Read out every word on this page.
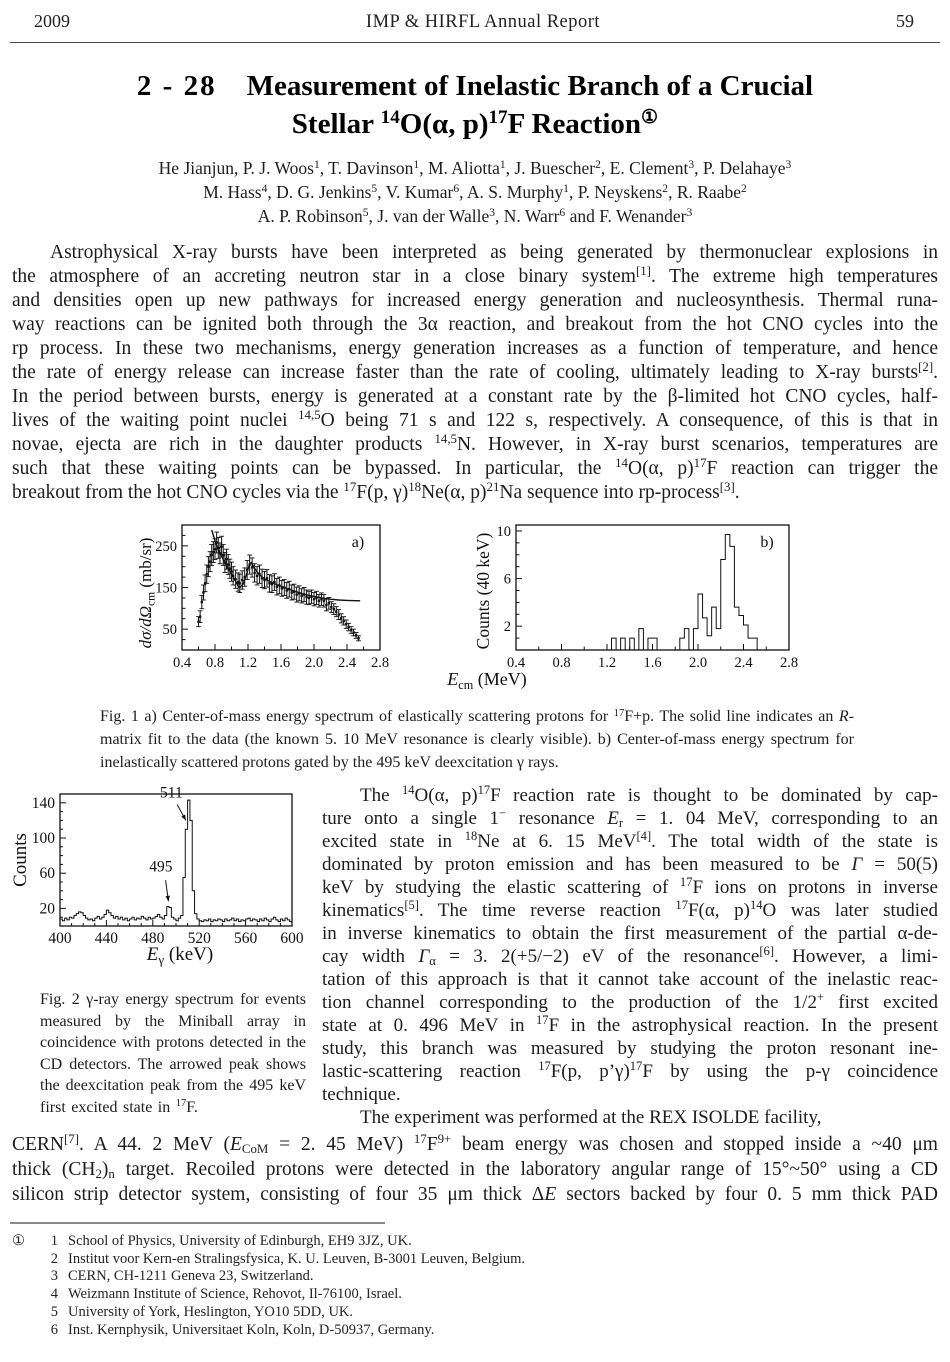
2009	IMP & HIRFL Annual Report	59
2 - 28 Measurement of Inelastic Branch of a Crucial
Stellar $^{14}$O(α, p)$^{17}$F Reaction①
He Jianjun, P. J. Woos$^1$, T. Davinson$^1$, M. Aliotta$^1$, J. Buescher$^2$, E. Clement$^3$, P. Delahaye$^3$
M. Hass$^4$, D. G. Jenkins$^5$, V. Kumar$^6$, A. S. Murphy$^1$, P. Neyskens$^2$, R. Raabe$^2$
A. P. Robinson$^5$, J. van der Walle$^3$, N. Warr$^6$ and F. Wenander$^3$
Astrophysical X-ray bursts have been interpreted as being generated by thermonuclear explosions in
the atmosphere of an accreting neutron star in a close binary system[1]. The extreme high temperatures
and densities open up new pathways for increased energy generation and nucleosynthesis. Thermal runa-
way reactions can be ignited both through the 3α reaction, and breakout from the hot CNO cycles into the
rp process. In these two mechanisms, energy generation increases as a function of temperature, and hence
the rate of energy release can increase faster than the rate of cooling, ultimately leading to X-ray bursts[2].
In the period between bursts, energy is generated at a constant rate by the β-limited hot CNO cycles, half-
lives of the waiting point nuclei $^{14,5}$O being 71 s and 122 s, respectively. A consequence, of this is that in
novae, ejecta are rich in the daughter products $^{14,5}$N. However, in X-ray burst scenarios, temperatures are
such that these waiting points can be bypassed. In particular, the $^{14}$O(α, p)$^{17}$F reaction can trigger the
breakout from the hot CNO cycles via the $^{17}$F(p, γ)$^{18}$Ne(α, p)$^{21}$Na sequence into rp-process[3].
0.4 0.8 1.2 1.6 2.0 2.4 2.8
50
150
250	a)
0.4 0.8 1.2 1.6 2.0 2.4 2.8
2
6
10
b)
$d\sigma/d\Omega_{cm}$ (mb/sr)	Counts (40 keV)
$E_{cm}$ (MeV)
Fig. 1 a) Center-of-mass energy spectrum of elastically scattering protons for $^{17}$F+p. The solid line indicates an R-matrix fit to the data (the known 5. 10 MeV resonance is clearly visible). b) Center-of-mass energy spectrum for inelastically scattered protons gated by the 495 keV deexcitation γ rays.
400 440 480 520 560 600
20
60
100
140
511
495
Counts
$E_\gamma$ (keV)
Fig. 2 γ-ray energy spectrum for events measured by the Miniball array in coincidence with protons detected in the CD detectors. The arrowed peak shows the deexcitation peak from the 495 keV first excited state in $^{17}$F.
The $^{14}$O(α, p)$^{17}$F reaction rate is thought to be dominated by cap-
ture onto a single 1− resonance $E_r = 1$. 04 MeV, corresponding to an
excited state in $^{18}$Ne at 6. 15 MeV[4]. The total width of the state is
dominated by proton emission and has been measured to be Γ = 50(5)
keV by studying the elastic scattering of $^{17}$F ions on protons in inverse
kinematics[5]. The time reverse reaction $^{17}$F(α, p)$^{14}$O was later studied
in inverse kinematics to obtain the first measurement of the partial α-de-
cay width $\Gamma_\alpha = 3$. 2(+5/−2) eV of the resonance[6]. However, a limi-
tation of this approach is that it cannot take account of the inelastic reac-
tion channel corresponding to the production of the 1/2+ first excited
state at 0. 496 MeV in $^{17}$F in the astrophysical reaction. In the present
study, this branch was measured by studying the proton resonant ine-
lastic-scattering reaction $^{17}$F(p, p’γ)$^{17}$F by using the p-γ coincidence
technique.
The experiment was performed at the REX ISOLDE facility,
CERN[7]. A 44. 2 MeV ($E_{CoM} = 2$. 45 MeV) $^{17}F^{9+}$ beam energy was chosen and stopped inside a ~40 μm
thick $(CH_2)_n$ target. Recoiled protons were detected in the laboratory angular range of 15°~50° using a CD
silicon strip detector system, consisting of four 35 μm thick ΔE sectors backed by four 0. 5 mm thick PAD
①	1 School of Physics, University of Edinburgh, EH9 3JZ, UK.
2 Institut voor Kern-en Stralingsfysica, K. U. Leuven, B-3001 Leuven, Belgium.
3 CERN, CH-1211 Geneva 23, Switzerland.
4 Weizmann Institute of Science, Rehovot, Il-76100, Israel.
5 University of York, Heslington, YO10 5DD, UK.
6 Inst. Kernphysik, Universitaet Koln, Koln, D-50937, Germany.
